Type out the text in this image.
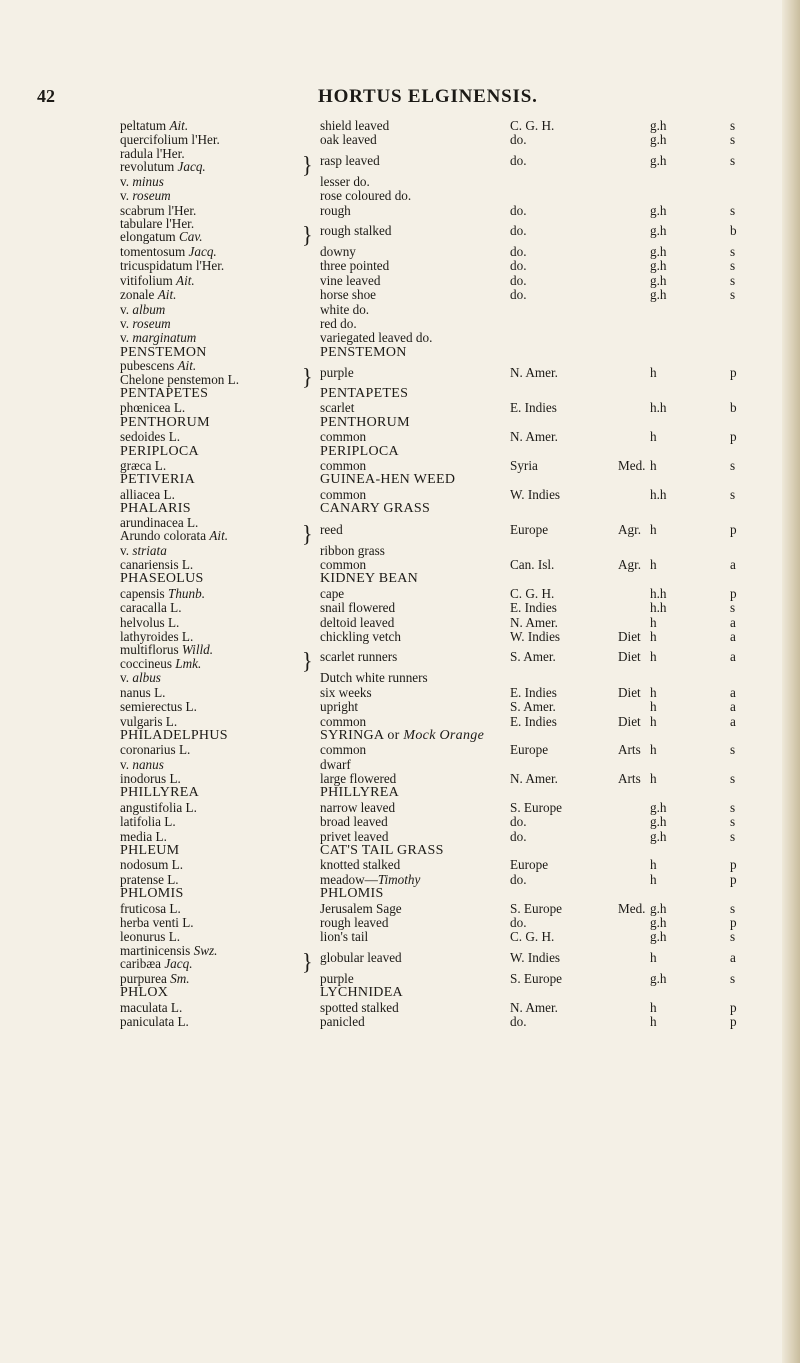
42	HORTUS ELGINENSIS.
peltatum Ait.	shield leaved	C. G. H.	g.h	s
quercifolium l'Her.	oak leaved	do.	g.h	s
radula l'Her.
revolutum Jacq.	} rasp leaved	do.	g.h	s
v. minus	lesser do.
v. roseum	rose coloured do.
scabrum l'Her.	rough	do.	g.h	s
tabulare l'Her.
elongatum Cav.	} rough stalked	do.	g.h	b
tomentosum Jacq.	downy	do.	g.h	s
tricuspidatum l'Her.	three pointed	do.	g.h	s
vitifolium Ait.	vine leaved	do.	g.h	s
zonale Ait.	horse shoe	do.	g.h	s
v. album	white do.
v. roseum	red do.
v. marginatum	variegated leaved do.
PENSTEMON	PENSTEMON
pubescens Ait.
Chelone penstemon L.	} purple	N. Amer.	h	p
PENTAPETES	PENTAPETES
phœnicea L.	scarlet	E. Indies	h.h	b
PENTHORUM	PENTHORUM
sedoides L.	common	N. Amer.	h	p
PERIPLOCA	PERIPLOCA
græca L.	common	Syria	Med. h	s
PETIVERIA	GUINEA-HEN WEED
alliacea L.	common	W. Indies	h.h	s
PHALARIS	CANARY GRASS
arundinacea L.
Arundo colorata Ait.	} reed	Europe	Agr. h	p
v. striata	ribbon grass
canariensis L.	common	Can. Isl.	Agr. h	a
PHASEOLUS	KIDNEY BEAN
capensis Thunb.	cape	C. G. H.	h.h	p
caracalla L.	snail flowered	E. Indies	h.h	s
helvolus L.	deltoid leaved	N. Amer.	h	a
lathyroides L.	chickling vetch	W. Indies	Diet h	a
multiflorus Willd.
coccineus Lmk.	} scarlet runners	S. Amer.	Diet h	a
v. albus	Dutch white runners
nanus L.	six weeks	E. Indies	Diet h	a
semierectus L.	upright	S. Amer.	h	a
vulgaris L.	common	E. Indies	Diet h	a
PHILADELPHUS	SYRINGA or Mock Orange
coronarius L.	common	Europe	Arts h	s
v. nanus	dwarf
inodorus L.	large flowered	N. Amer.	Arts h	s
PHILLYREA	PHILLYREA
angustifolia L.	narrow leaved	S. Europe	g.h	s
latifolia L.	broad leaved	do.	g.h	s
media L.	privet leaved	do.	g.h	s
PHLEUM	CAT'S TAIL GRASS
nodosum L.	knotted stalked	Europe	h	p
pratense L.	meadow—Timothy	do.	h	p
PHLOMIS	PHLOMIS
fruticosa L.	Jerusalem Sage	S. Europe	Med. g.h	s
herba venti L.	rough leaved	do.	g.h	p
leonurus L.	lion's tail	C. G. H.	g.h	s
martinicensis Swz.
caribæa Jacq.	} globular leaved	W. Indies	h	a
purpurea Sm.	purple	S. Europe	g.h	s
PHLOX	LYCHNIDEA
maculata L.	spotted stalked	N. Amer.	h	p
paniculata L.	panicled	do.	h	p
